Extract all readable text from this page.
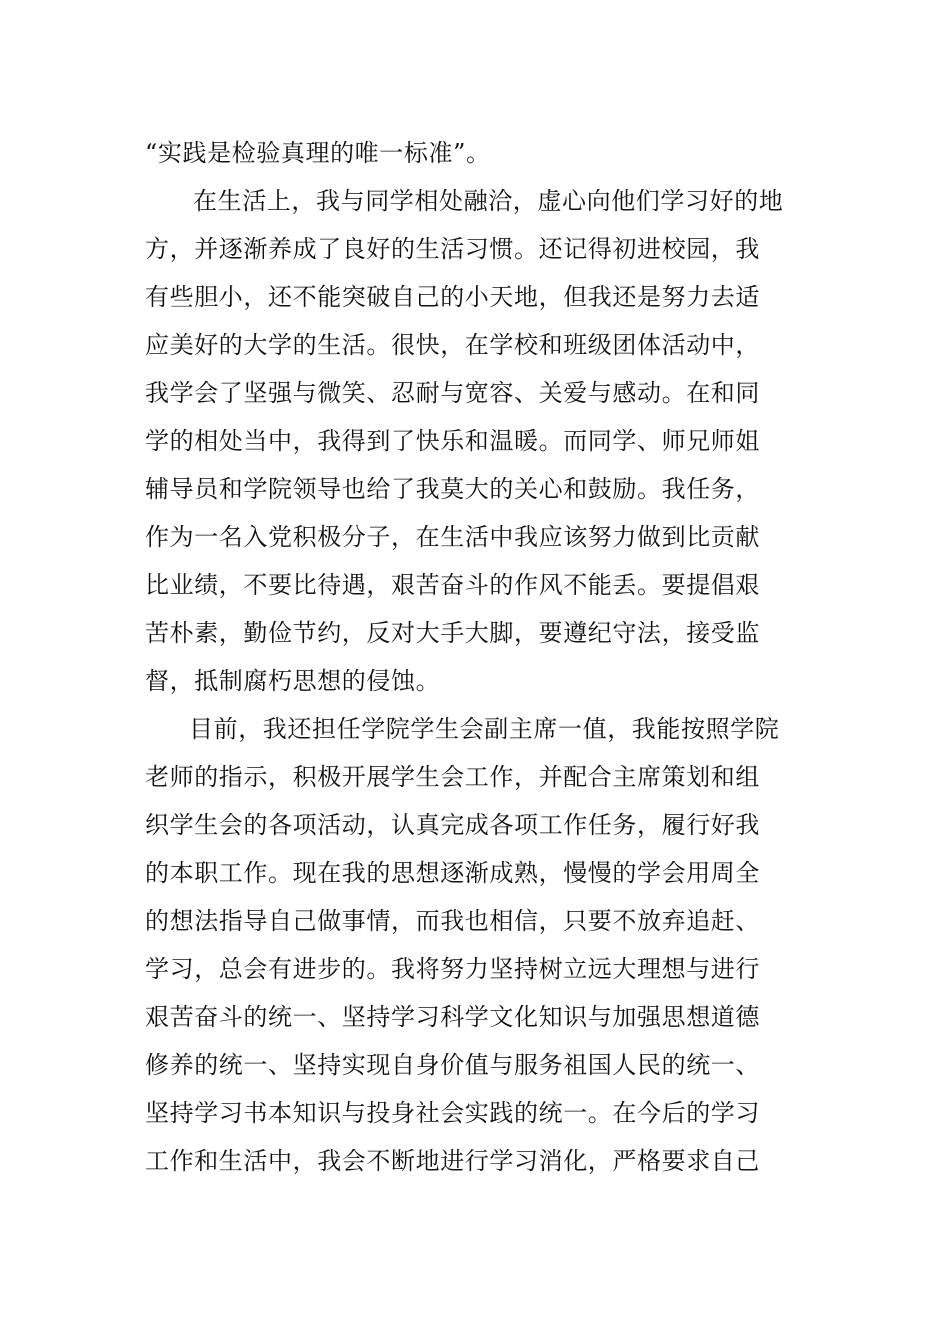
“实践是检验真理的唯一标准”。
在生活上，我与同学相处融洽，虚心向他们学习好的地
方，并逐渐养成了良好的生活习惯。还记得初进校园，我
有些胆小，还不能突破自己的小天地，但我还是努力去适
应美好的大学的生活。很快，在学校和班级团体活动中，
我学会了坚强与微笑、忍耐与宽容、关爱与感动。在和同
学的相处当中，我得到了快乐和温暖。而同学、师兄师姐
辅导员和学院领导也给了我莫大的关心和鼓励。我任务，
作为一名入党积极分子，在生活中我应该努力做到比贡献
比业绩，不要比待遇，艰苦奋斗的作风不能丢。要提倡艰
苦朴素，勤俭节约，反对大手大脚，要遵纪守法，接受监
督，抵制腐朽思想的侵蚀。
目前，我还担任学院学生会副主席一值，我能按照学院
老师的指示，积极开展学生会工作，并配合主席策划和组
织学生会的各项活动，认真完成各项工作任务，履行好我
的本职工作。现在我的思想逐渐成熟，慢慢的学会用周全
的想法指导自己做事情，而我也相信，只要不放弃追赶、
学习，总会有进步的。我将努力坚持树立远大理想与进行
艰苦奋斗的统一、坚持学习科学文化知识与加强思想道德
修养的统一、坚持实现自身价值与服务祖国人民的统一、
坚持学习书本知识与投身社会实践的统一。在今后的学习
工作和生活中，我会不断地进行学习消化，严格要求自己
